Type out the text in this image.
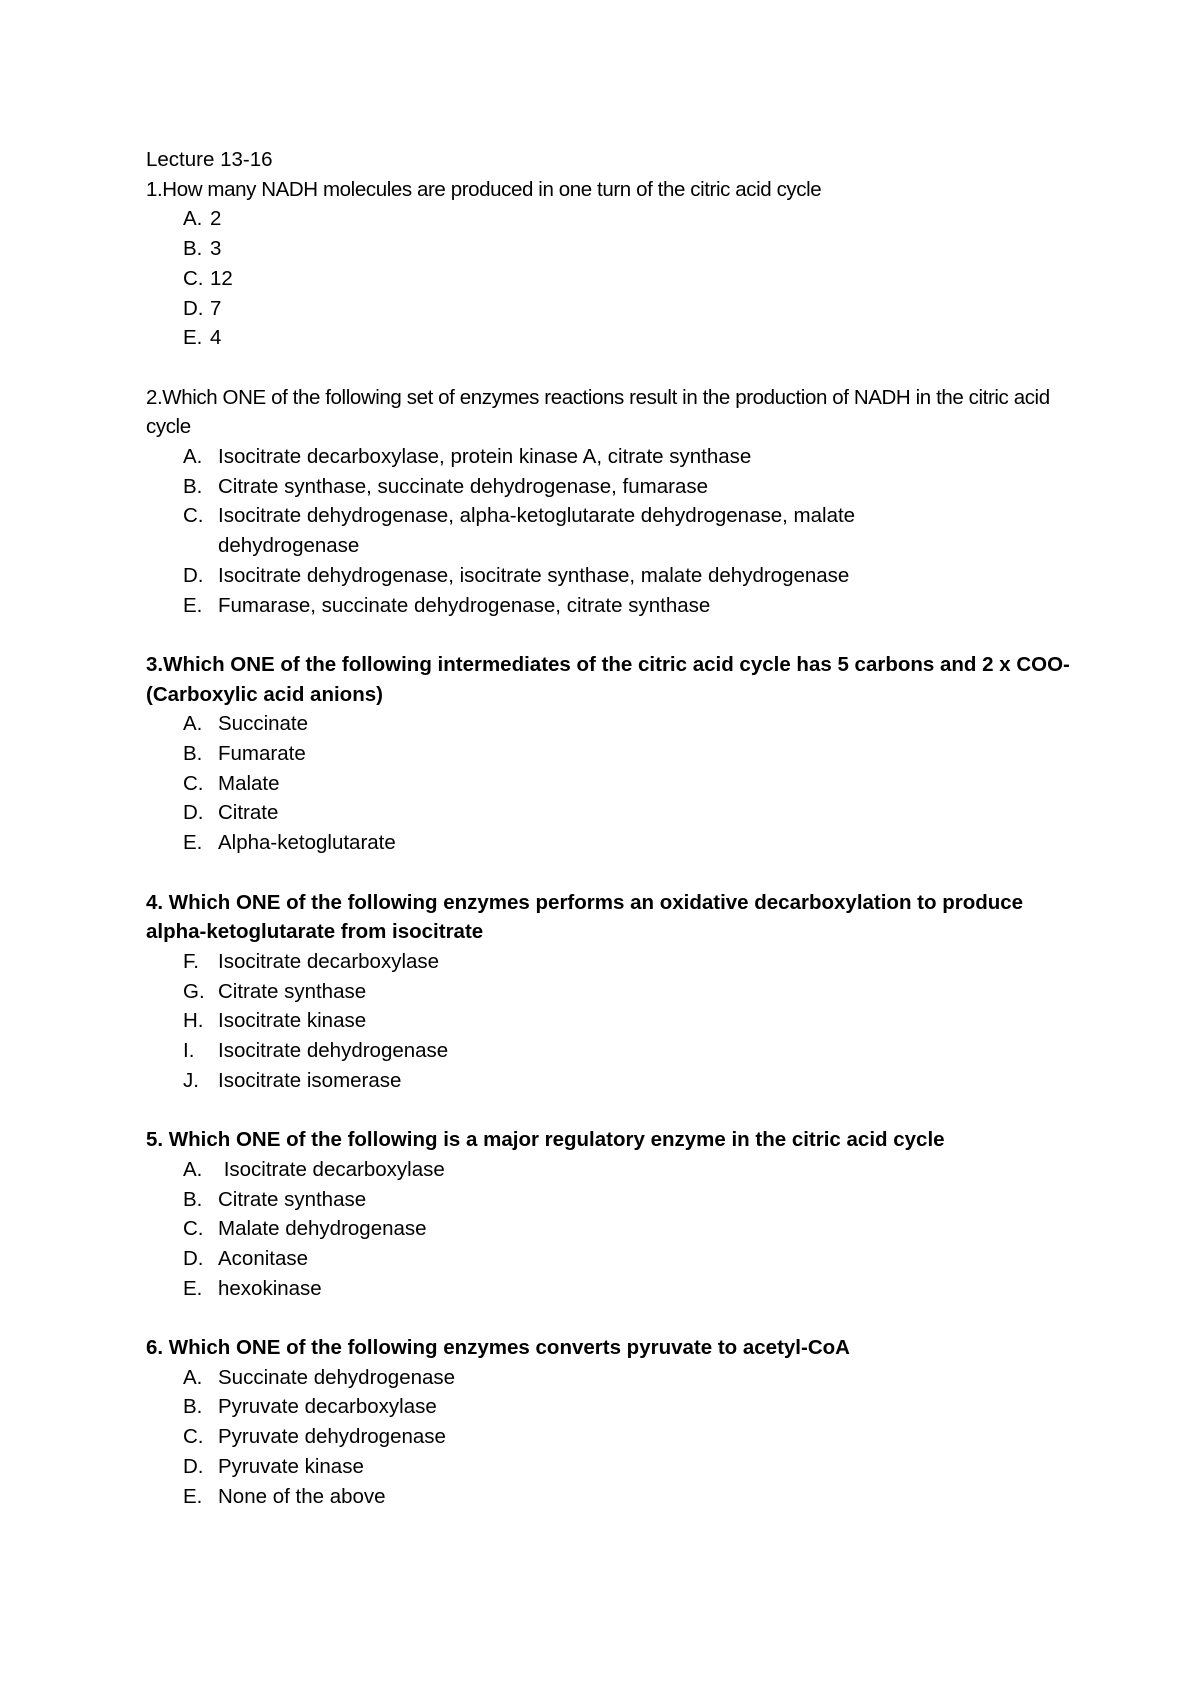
Lecture 13-16

1.How many NADH molecules are produced in one turn of the citric acid cycle

A. 2
B. 3
C. 12
D. 7
E. 4

2.Which ONE of the following set of enzymes reactions result in the production of NADH in the citric acid cycle

A. Isocitrate decarboxylase, protein kinase A, citrate synthase
B. Citrate synthase, succinate dehydrogenase, fumarase
C. Isocitrate dehydrogenase, alpha-ketoglutarate dehydrogenase, malate dehydrogenase
D. Isocitrate dehydrogenase, isocitrate synthase, malate dehydrogenase
E. Fumarase, succinate dehydrogenase, citrate synthase

3.Which ONE of the following intermediates of the citric acid cycle has 5 carbons and 2 x COO- (Carboxylic acid anions)

A. Succinate
B. Fumarate
C. Malate
D. Citrate
E. Alpha-ketoglutarate

4. Which ONE of the following enzymes performs an oxidative decarboxylation to produce alpha-ketoglutarate from isocitrate

F. Isocitrate decarboxylase
G. Citrate synthase
H. Isocitrate kinase
I.	Isocitrate dehydrogenase
J. Isocitrate isomerase

5. Which ONE of the following is a major regulatory enzyme in the citric acid cycle

A. Isocitrate decarboxylase
B. Citrate synthase
C. Malate dehydrogenase
D. Aconitase
E. hexokinase

6. Which ONE of the following enzymes converts pyruvate to acetyl-CoA

A. Succinate dehydrogenase
B. Pyruvate decarboxylase
C. Pyruvate dehydrogenase
D. Pyruvate kinase
E. None of the above
